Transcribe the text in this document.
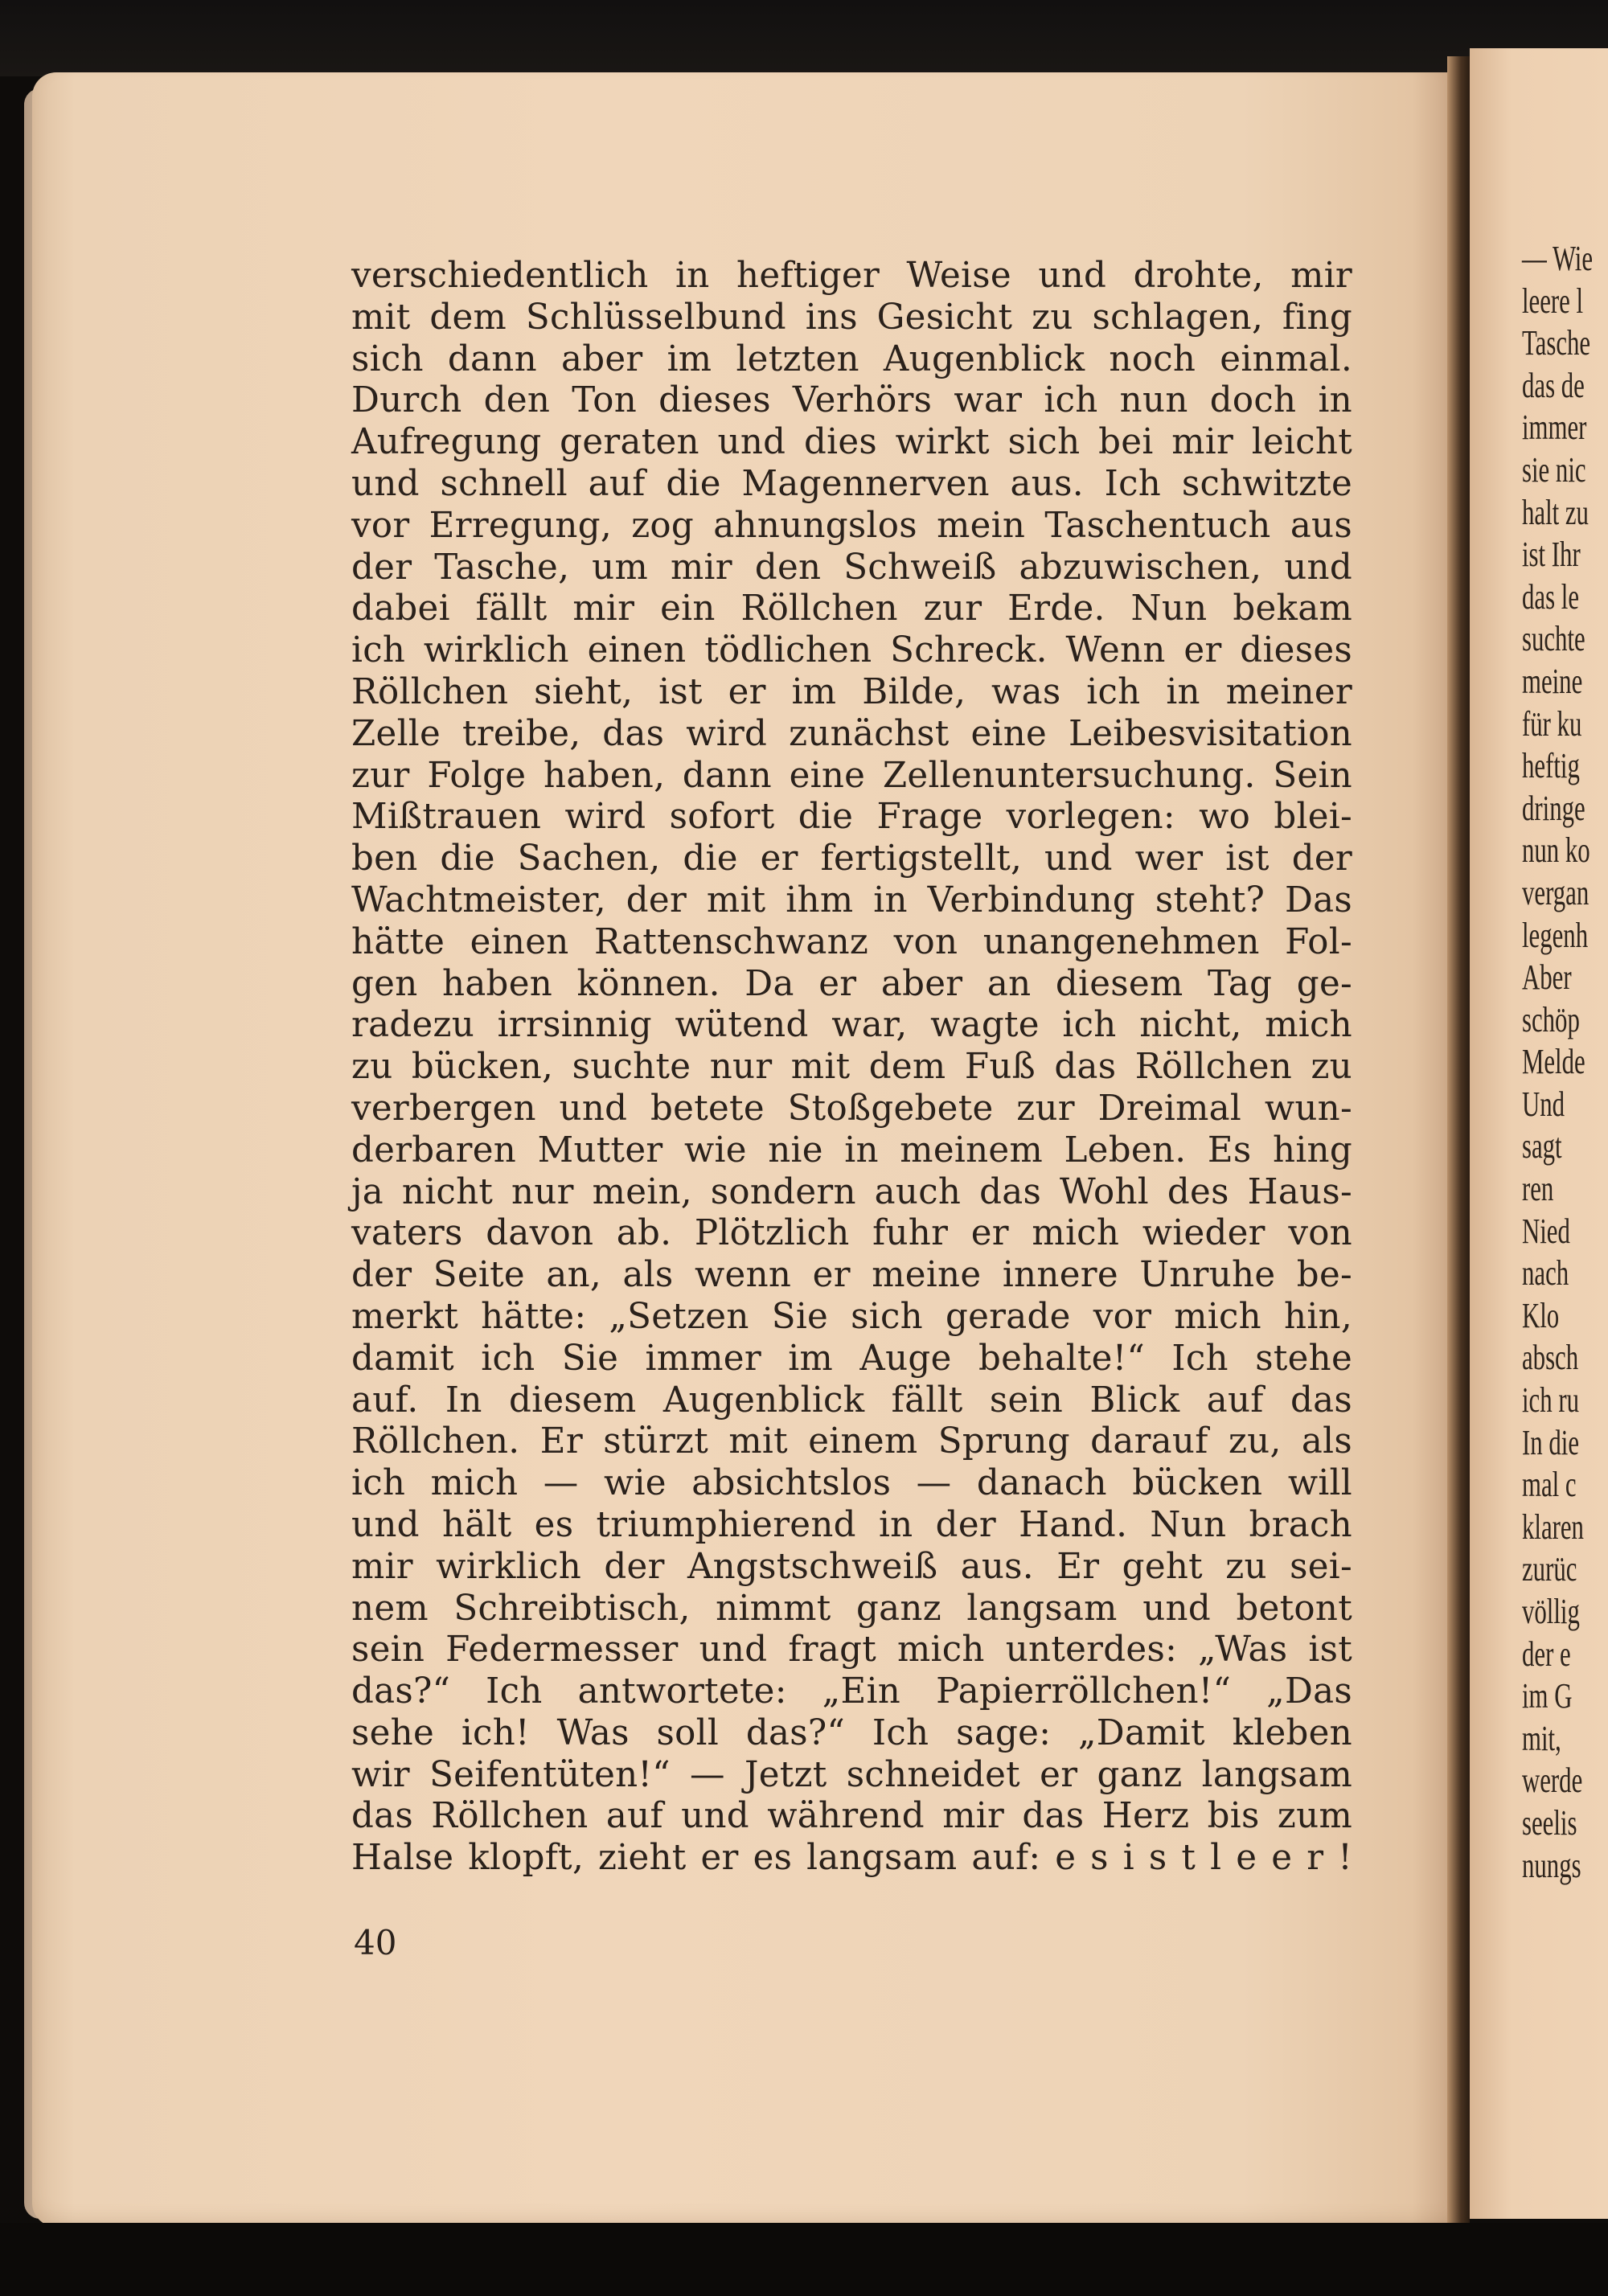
verschiedentlich in heftiger Weise und drohte, mir
mit dem Schlüsselbund ins Gesicht zu schlagen, fing
sich dann aber im letzten Augenblick noch einmal.
Durch den Ton dieses Verhörs war ich nun doch in
Aufregung geraten und dies wirkt sich bei mir leicht
und schnell auf die Magennerven aus. Ich schwitzte
vor Erregung, zog ahnungslos mein Taschentuch aus
der Tasche, um mir den Schweiß abzuwischen, und
dabei fällt mir ein Röllchen zur Erde. Nun bekam
ich wirklich einen tödlichen Schreck. Wenn er dieses
Röllchen sieht, ist er im Bilde, was ich in meiner
Zelle treibe, das wird zunächst eine Leibesvisitation
zur Folge haben, dann eine Zellenuntersuchung. Sein
Mißtrauen wird sofort die Frage vorlegen: wo blei-
ben die Sachen, die er fertigstellt, und wer ist der
Wachtmeister, der mit ihm in Verbindung steht? Das
hätte einen Rattenschwanz von unangenehmen Fol-
gen haben können. Da er aber an diesem Tag ge-
radezu irrsinnig wütend war, wagte ich nicht, mich
zu bücken, suchte nur mit dem Fuß das Röllchen zu
verbergen und betete Stoßgebete zur Dreimal wun-
derbaren Mutter wie nie in meinem Leben. Es hing
ja nicht nur mein, sondern auch das Wohl des Haus-
vaters davon ab. Plötzlich fuhr er mich wieder von
der Seite an, als wenn er meine innere Unruhe be-
merkt hätte: „Setzen Sie sich gerade vor mich hin,
damit ich Sie immer im Auge behalte!“ Ich stehe
auf. In diesem Augenblick fällt sein Blick auf das
Röllchen. Er stürzt mit einem Sprung darauf zu, als
ich mich — wie absichtslos — danach bücken will
und hält es triumphierend in der Hand. Nun brach
mir wirklich der Angstschweiß aus. Er geht zu sei-
nem Schreibtisch, nimmt ganz langsam und betont
sein Federmesser und fragt mich unterdes: „Was ist
das?“ Ich antwortete: „Ein Papierröllchen!“ „Das
sehe ich! Was soll das?“ Ich sage: „Damit kleben
wir Seifentüten!“ — Jetzt schneidet er ganz langsam
das Röllchen auf und während mir das Herz bis zum
Halse klopft, zieht er es langsam auf: e s i s t l e e r !
40
— Wie
leere l
Tasche
das de
immer
sie nic
halt zu
ist Ihr
das le
suchte
meine
für ku
heftig
dringe
nun ko
vergan
legenh
Aber
schöp
Melde
Und
sagt
ren
Nied
nach
Klo
absch
ich ru
In die
mal c
klaren
zurüc
völlig
der e
im G
mit,
werde
seelis
nungs
